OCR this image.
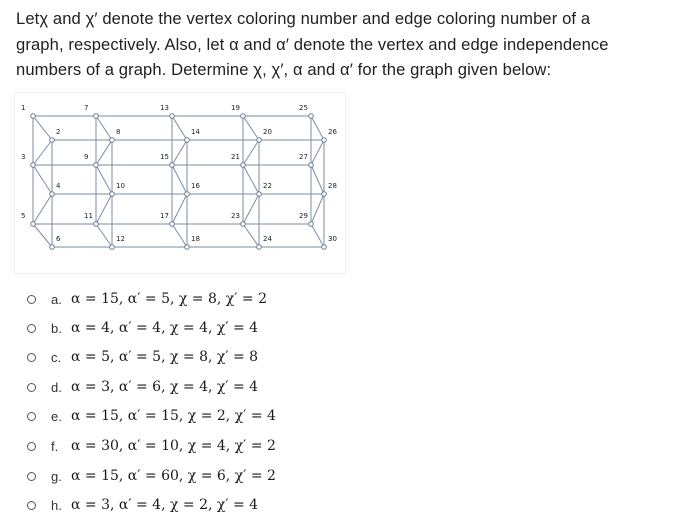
Letχ and χ′ denote the vertex coloring number and edge coloring number of a
graph, respectively. Also, let α and α′ denote the vertex and edge independence
numbers of a graph. Determine χ, χ′, α and α′ for the graph given below:
1
2
3
4
5
6
7
8
9
10
11
12
13
14
15
16
17
18
19
20
21
22
23
24
25
26
27
28
29
30
a. α = 15, α′ = 5, χ = 8, χ′ = 2
b. α = 4, α′ = 4, χ = 4, χ′ = 4
c. α = 5, α′ = 5, χ = 8, χ′ = 8
d. α = 3, α′ = 6, χ = 4, χ′ = 4
e. α = 15, α′ = 15, χ = 2, χ′ = 4
f. α = 30, α′ = 10, χ = 4, χ′ = 2
g. α = 15, α′ = 60, χ = 6, χ′ = 2
h. α = 3, α′ = 4, χ = 2, χ′ = 4
